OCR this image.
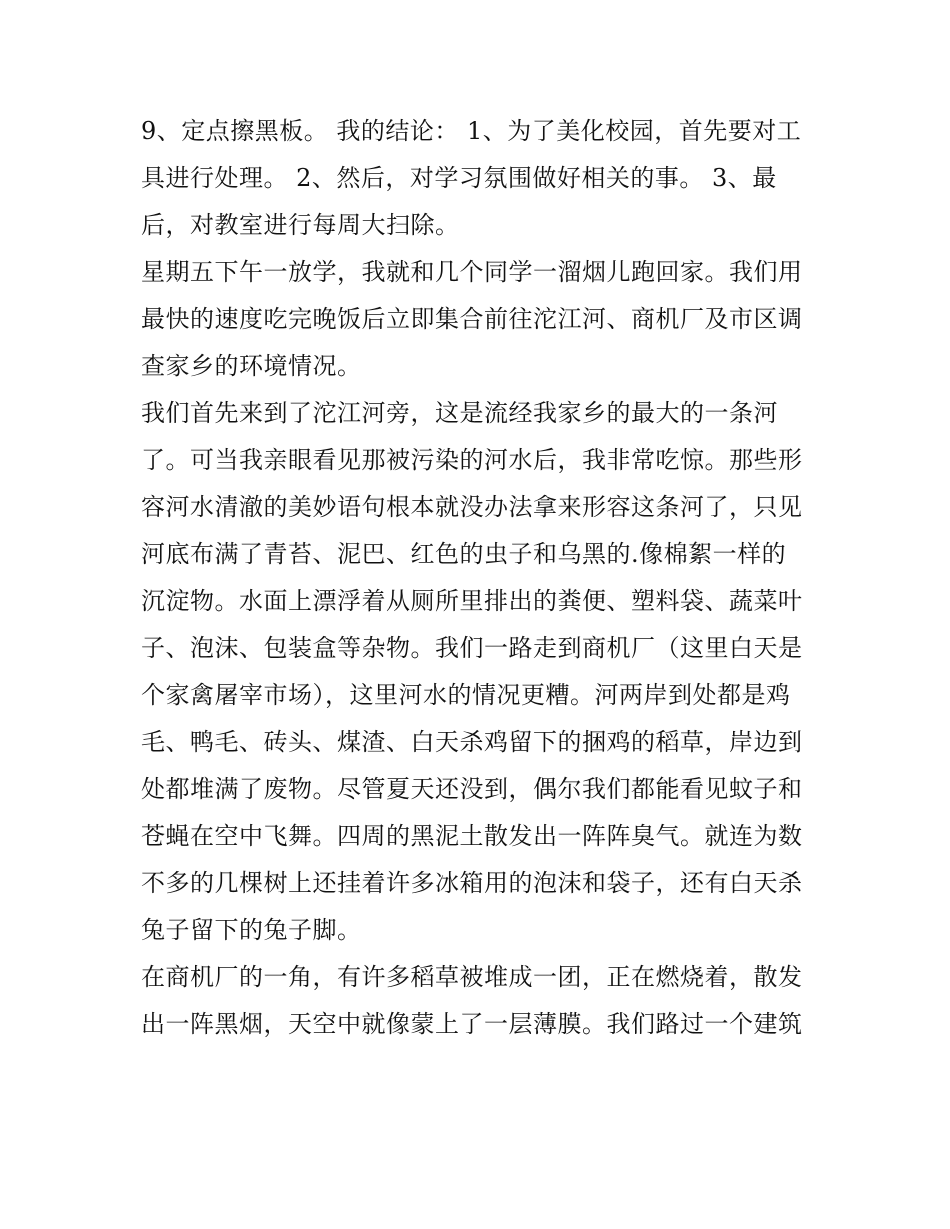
9、定点擦黑板。 我的结论： 1、为了美化校园，首先要对工
具进行处理。 2、然后，对学习氛围做好相关的事。 3、最
后，对教室进行每周大扫除。

星期五下午一放学，我就和几个同学一溜烟儿跑回家。我们用
最快的速度吃完晚饭后立即集合前往沱江河、商机厂及市区调
查家乡的环境情况。

我们首先来到了沱江河旁，这是流经我家乡的最大的一条河
了。可当我亲眼看见那被污染的河水后，我非常吃惊。那些形
容河水清澈的美妙语句根本就没办法拿来形容这条河了，只见
河底布满了青苔、泥巴、红色的虫子和乌黑的.像棉絮一样的
沉淀物。水面上漂浮着从厕所里排出的粪便、塑料袋、蔬菜叶
子、泡沫、包装盒等杂物。我们一路走到商机厂（这里白天是
个家禽屠宰市场），这里河水的情况更糟。河两岸到处都是鸡
毛、鸭毛、砖头、煤渣、白天杀鸡留下的捆鸡的稻草，岸边到
处都堆满了废物。尽管夏天还没到，偶尔我们都能看见蚊子和
苍蝇在空中飞舞。四周的黑泥土散发出一阵阵臭气。就连为数
不多的几棵树上还挂着许多冰箱用的泡沫和袋子，还有白天杀
兔子留下的兔子脚。

在商机厂的一角，有许多稻草被堆成一团，正在燃烧着，散发
出一阵黑烟，天空中就像蒙上了一层薄膜。我们路过一个建筑
